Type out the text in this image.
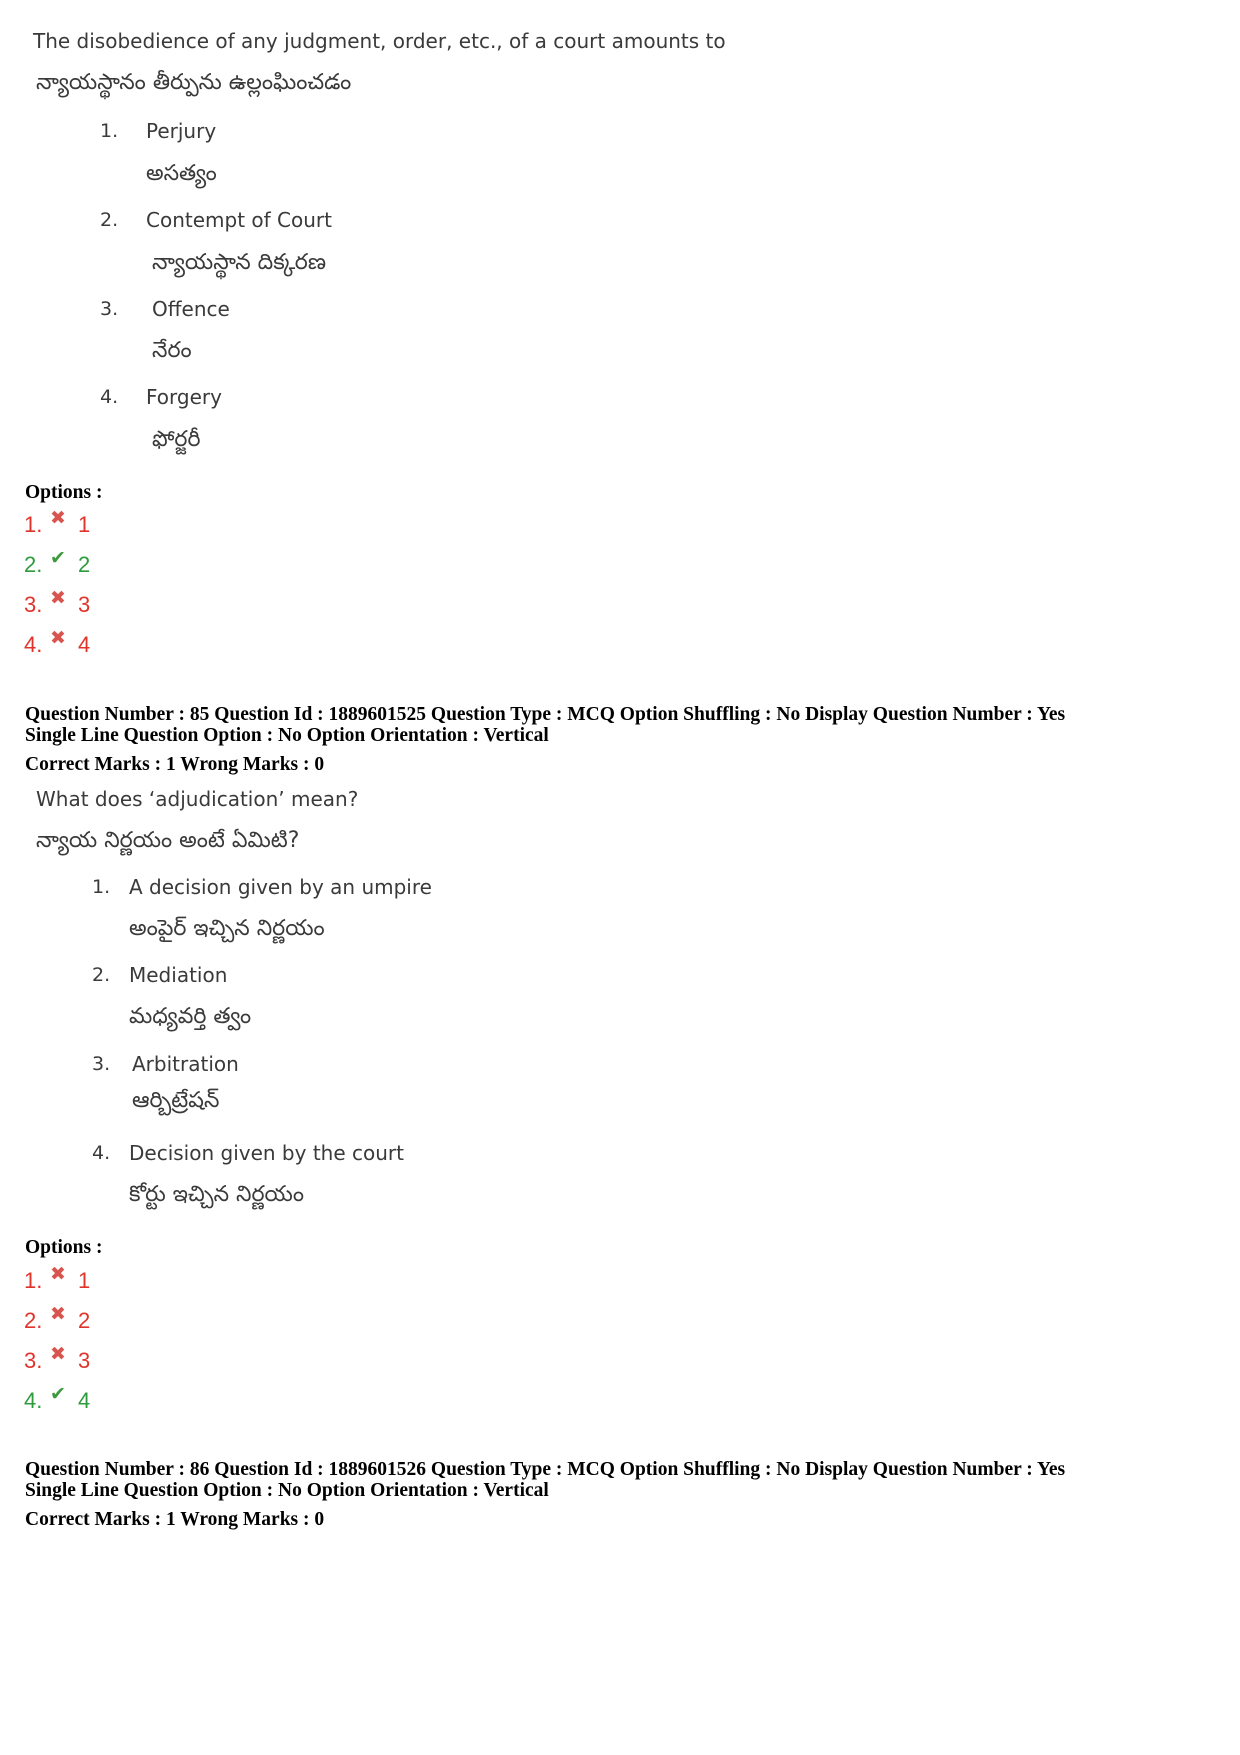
The disobedience of any judgment, order, etc., of a court amounts to
న్యాయస్థానం తీర్పును ఉల్లంఘించడం
1. Perjury
అసత్యం
2. Contempt of Court
న్యాయస్థాన దిక్కరణ
3. Offence
నేరం
4. Forgery
ఫోర్జరీ
Options :
1. ✖ 1
2. ✔ 2
3. ✖ 3
4. ✖ 4
Question Number : 85 Question Id : 1889601525 Question Type : MCQ Option Shuffling : No Display Question Number : Yes
Single Line Question Option : No Option Orientation : Vertical
Correct Marks : 1 Wrong Marks : 0
What does ‘adjudication’ mean?
న్యాయ నిర్ణయం అంటే ఏమిటి?
1. A decision given by an umpire
అంపైర్ ఇచ్చిన నిర్ణయం
2. Mediation
మధ్యవర్తి త్వం
3. Arbitration
ఆర్బిట్రేషన్
4. Decision given by the court
కోర్టు ఇచ్చిన నిర్ణయం
Options :
1. ✖ 1
2. ✖ 2
3. ✖ 3
4. ✔ 4
Question Number : 86 Question Id : 1889601526 Question Type : MCQ Option Shuffling : No Display Question Number : Yes
Single Line Question Option : No Option Orientation : Vertical
Correct Marks : 1 Wrong Marks : 0
